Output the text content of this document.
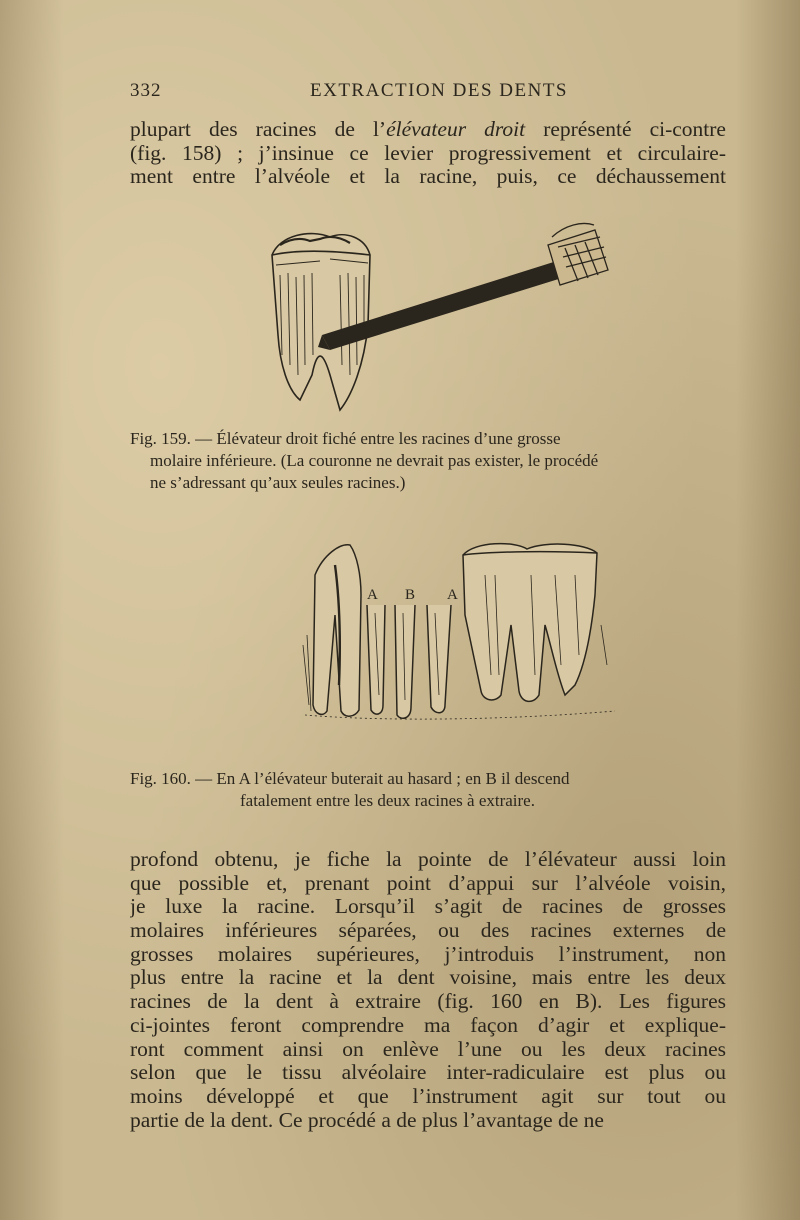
332	EXTRACTION DES DENTS
plupart des racines de l’élévateur droit représenté ci-contre
(fig. 158) ; j’insinue ce levier progressivement et circulaire-
ment entre l’alvéole et la racine, puis, ce déchaussement
Fig. 159. — Élévateur droit fiché entre les racines d’une grosse
molaire inférieure. (La couronne ne devrait pas exister, le procédé
ne s’adressant qu’aux seules racines.)
A B A
Fig. 160. — En A l’élévateur buterait au hasard ; en B il descend
fatalement entre les deux racines à extraire.
profond obtenu, je fiche la pointe de l’élévateur aussi loin
que possible et, prenant point d’appui sur l’alvéole voisin,
je luxe la racine. Lorsqu’il s’agit de racines de grosses
molaires inférieures séparées, ou des racines externes de
grosses molaires supérieures, j’introduis l’instrument, non
plus entre la racine et la dent voisine, mais entre les deux
racines de la dent à extraire (fig. 160 en B). Les figures
ci-jointes feront comprendre ma façon d’agir et explique-
ront comment ainsi on enlève l’une ou les deux racines
selon que le tissu alvéolaire inter-radiculaire est plus ou
moins développé et que l’instrument agit sur tout ou
partie de la dent. Ce procédé a de plus l’avantage de ne
